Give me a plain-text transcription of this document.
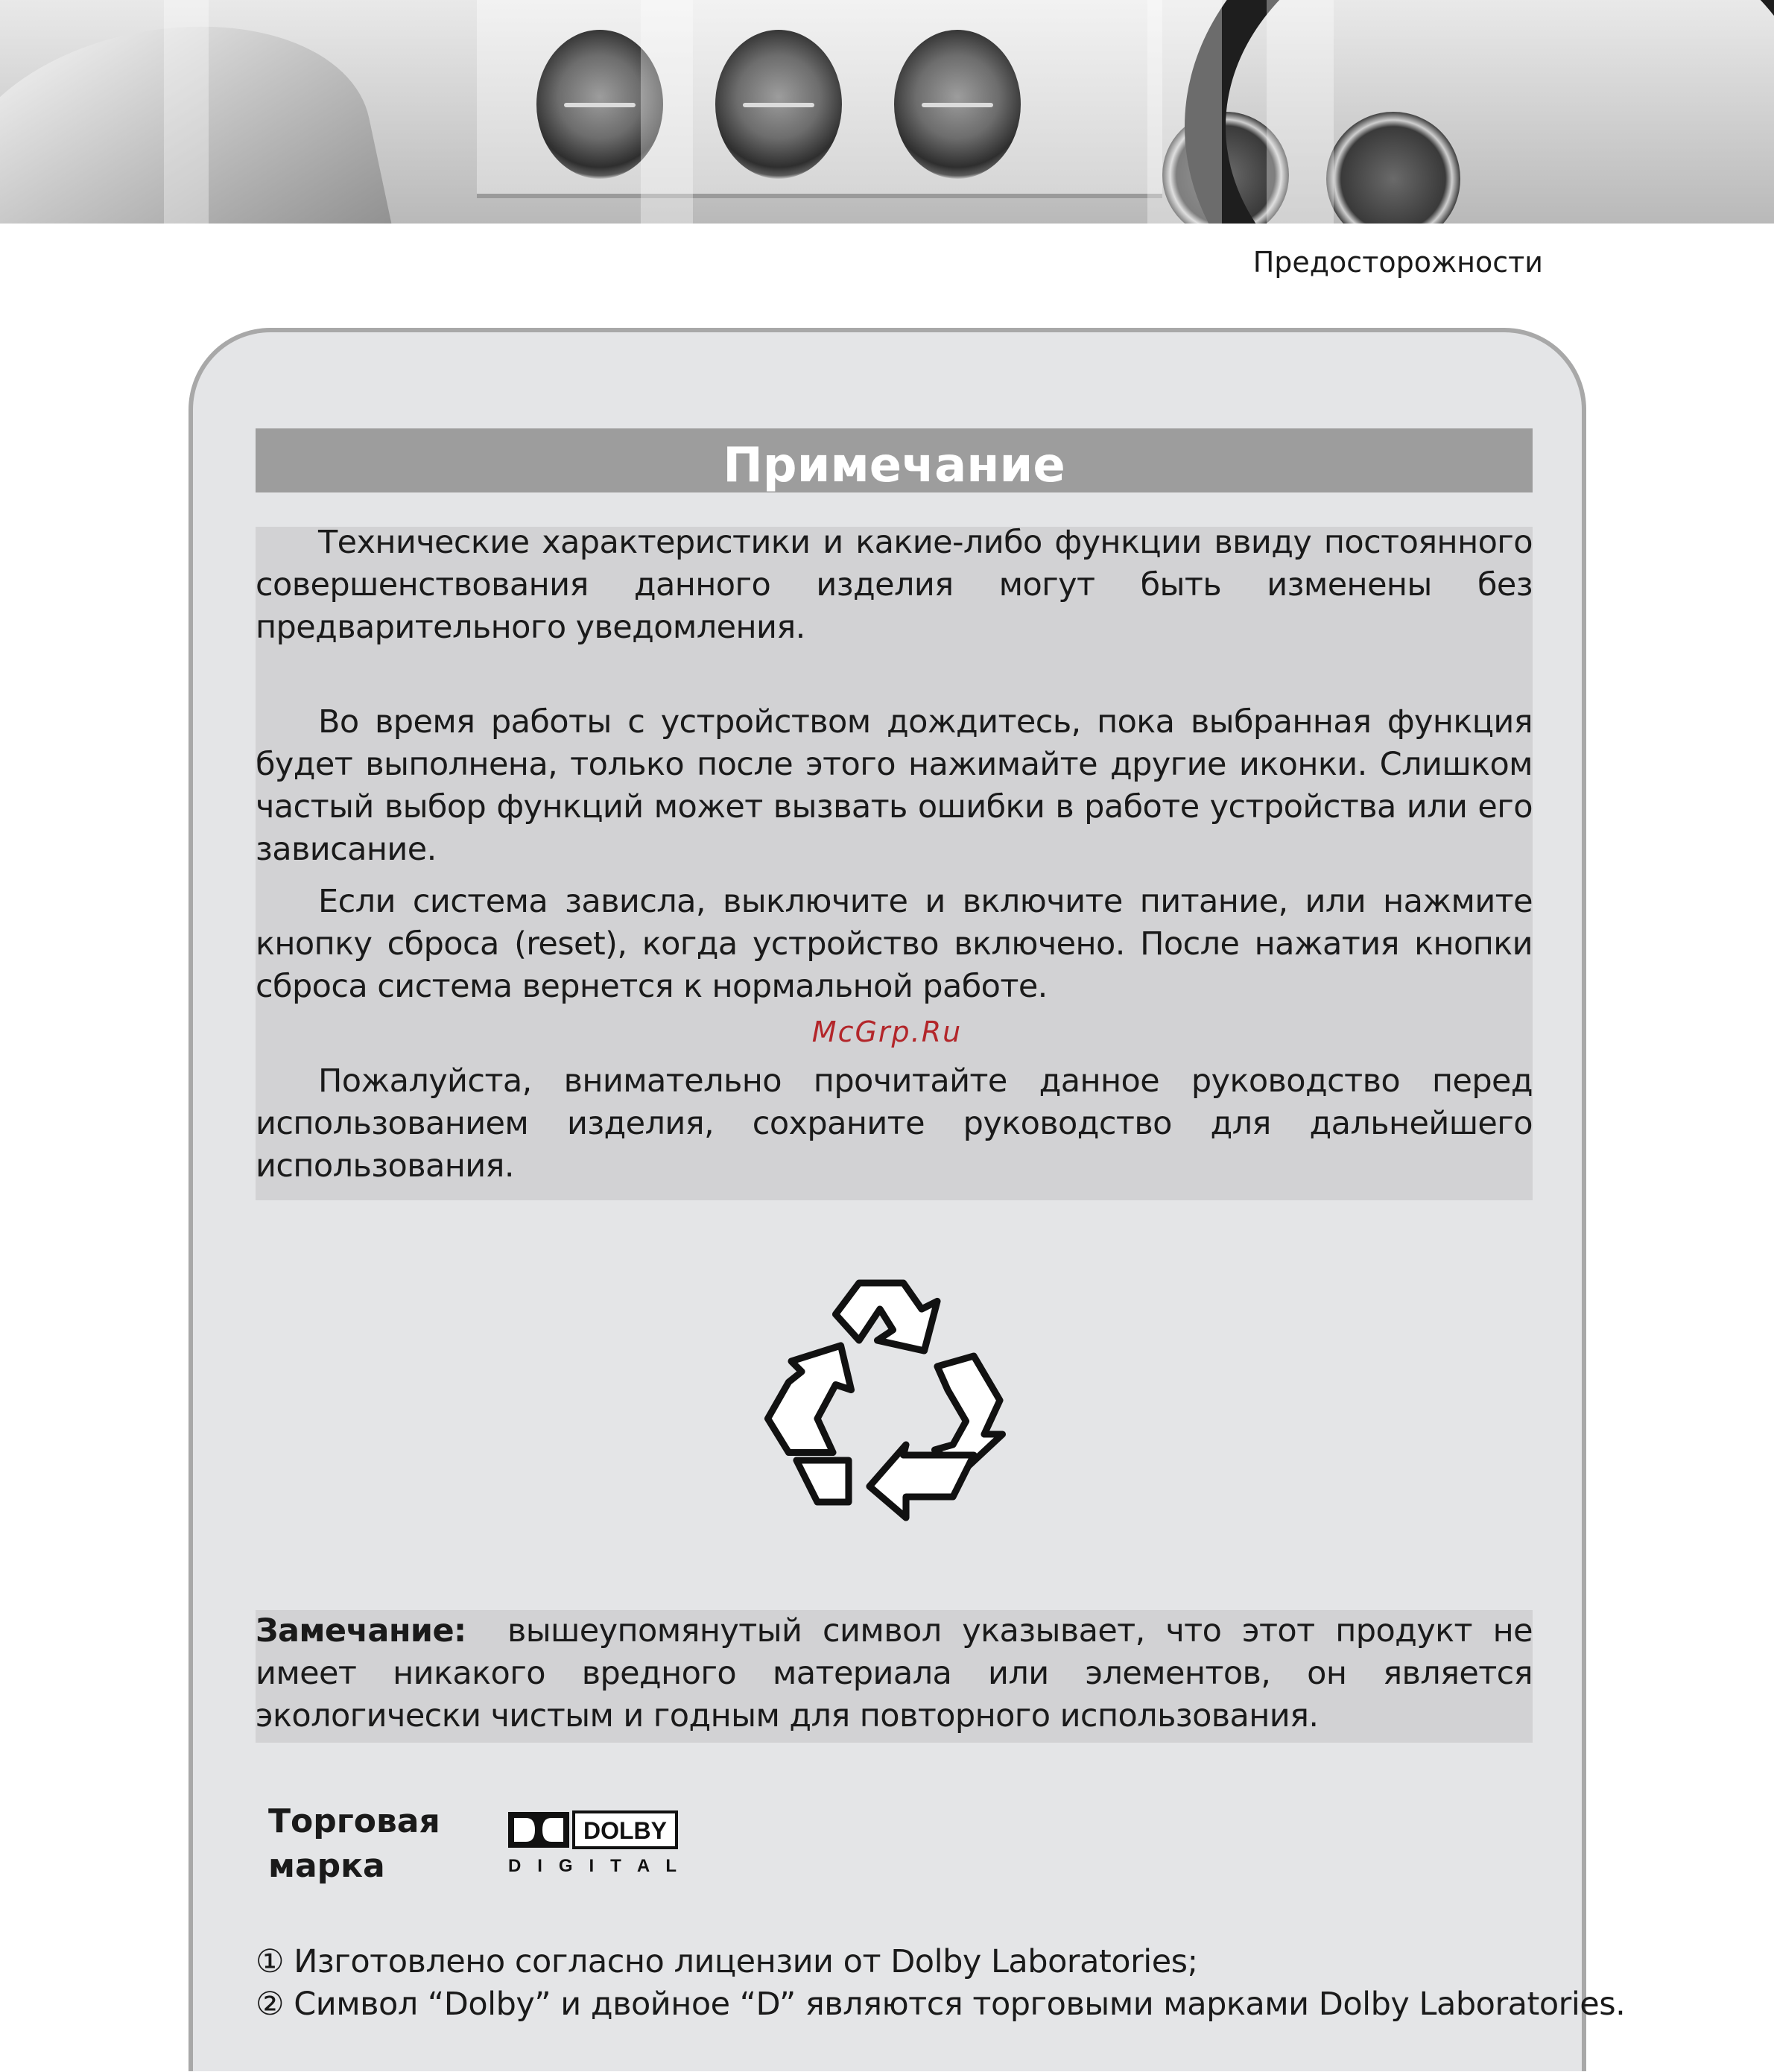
Предосторожности
Примечание

Технические характеристики и какие-либо функции ввиду постоянного совершенствования данного изделия могут быть изменены без предварительного уведомления.

Во время работы с устройством дождитесь, пока выбранная функция будет выполнена, только после этого нажимайте другие иконки. Слишком частый выбор функций может вызвать ошибки в работе устройства или его зависание.

Если система зависла, выключите и включите питание, или нажмите кнопку сброса (reset), когда устройство включено. После нажатия кнопки сброса система вернется к нормальной работе.

McGrp.Ru

Пожалуйста, внимательно прочитайте данное руководство перед использованием изделия, сохраните руководство для дальнейшего использования.

Замечание: вышеупомянутый символ указывает, что этот продукт не имеет никакого вредного материала или элементов, он является экологически чистым и годным для повторного использования.

Торговая
марка
DOLBY
D I G I T A L
① Изготовлено согласно лицензии от Dolby Laboratories;
② Символ “Dolby” и двойное “D” являются торговыми марками Dolby Laboratories.
